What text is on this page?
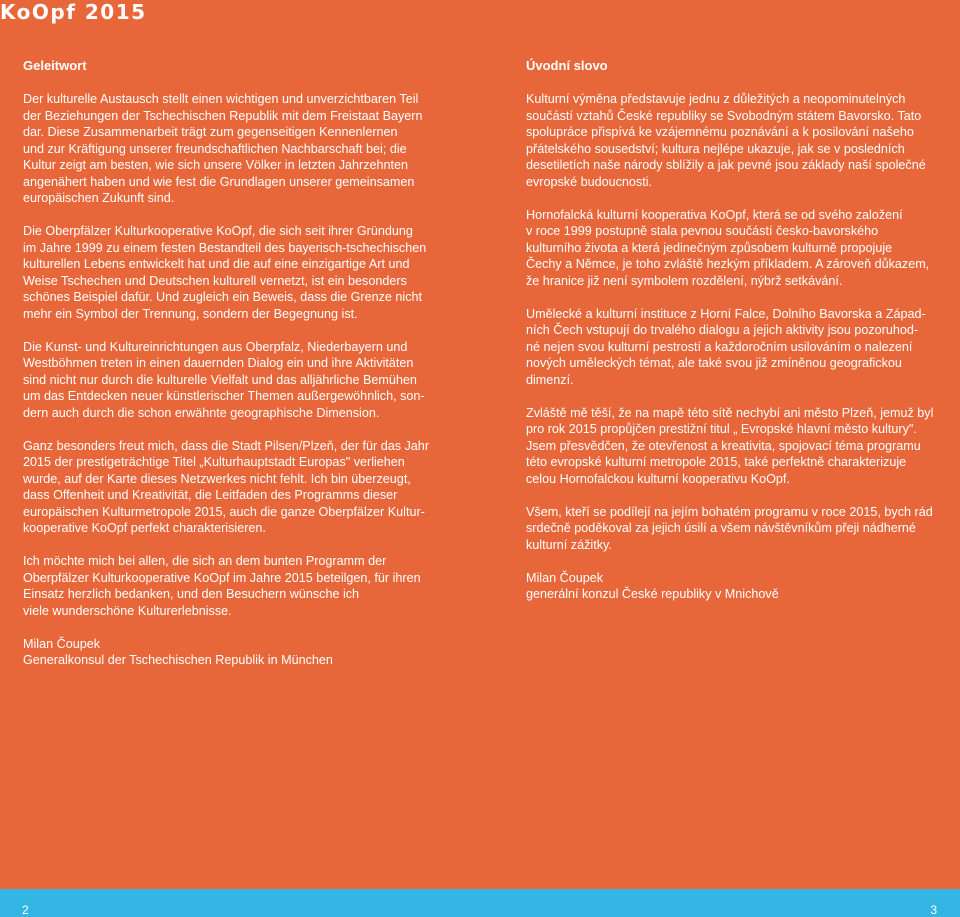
KoOpf 2015
Geleitwort

Der kulturelle Austausch stellt einen wichtigen und unverzichtbaren Teil
der Beziehungen der Tschechischen Republik mit dem Freistaat Bayern
dar. Diese Zusammenarbeit trägt zum gegenseitigen Kennenlernen
und zur Kräftigung unserer freundschaftlichen Nachbarschaft bei; die
Kultur zeigt am besten, wie sich unsere Völker in letzten Jahrzehnten
angenähert haben und wie fest die Grundlagen unserer gemeinsamen
europäischen Zukunft sind.

Die Oberpfälzer Kulturkooperative KoOpf, die sich seit ihrer Gründung
im Jahre 1999 zu einem festen Bestandteil des bayerisch-tschechischen
kulturellen Lebens entwickelt hat und die auf eine einzigartige Art und
Weise Tschechen und Deutschen kulturell vernetzt, ist ein besonders
schönes Beispiel dafür. Und zugleich ein Beweis, dass die Grenze nicht
mehr ein Symbol der Trennung, sondern der Begegnung ist.

Die Kunst- und Kultureinrichtungen aus Oberpfalz, Niederbayern und
Westböhmen treten in einen dauernden Dialog ein und ihre Aktivitäten
sind nicht nur durch die kulturelle Vielfalt und das alljährliche Bemühen
um das Entdecken neuer künstlerischer Themen außergewöhnlich, son-
dern auch durch die schon erwähnte geographische Dimension.

Ganz besonders freut mich, dass die Stadt Pilsen/Plzeň, der für das Jahr
2015 der prestigeträchtige Titel „Kulturhauptstadt Europas" verliehen
wurde, auf der Karte dieses Netzwerkes nicht fehlt. Ich bin überzeugt,
dass Offenheit und Kreativität, die Leitfaden des Programms dieser
europäischen Kulturmetropole 2015, auch die ganze Oberpfälzer Kultur-
kooperative KoOpf perfekt charakterisieren.

Ich möchte mich bei allen, die sich an dem bunten Programm der
Oberpfälzer Kulturkooperative KoOpf im Jahre 2015 beteilgen, für ihren
Einsatz herzlich bedanken, und den Besuchern wünsche ich
viele wunderschöne Kulturerlebnisse.

Milan Čoupek
Generalkonsul der Tschechischen Republik in München

Úvodní slovo

Kulturní výměna představuje jednu z důležitých a neopominutelných
součástí vztahů České republiky se Svobodným státem Bavorsko. Tato
spolupráce přispívá ke vzájemnému poznávání a k posilování našeho
přátelského sousedství; kultura nejlépe ukazuje, jak se v posledních
desetiletích naše národy sblížily a jak pevné jsou základy naší společné
evropské budoucnosti.

Hornofalcká kulturní kooperativa KoOpf, která se od svého založení
v roce 1999 postupně stala pevnou součástí česko-bavorského
kulturního života a která jedinečným způsobem kulturně propojuje
Čechy a Němce, je toho zvláště hezkým příkladem. A zároveň důkazem,
že hranice již není symbolem rozdělení, nýbrž setkávání.

Umělecké a kulturní instituce z Horní Falce, Dolního Bavorska a Západ-
ních Čech vstupují do trvalého dialogu a jejich aktivity jsou pozoruhod-
né nejen svou kulturní pestrostí a každoročním usilováním o nalezení
nových uměleckých témat, ale také svou již zmíněnou geografickou
dimenzí.

Zvláště mě těší, že na mapě této sítě nechybí ani město Plzeň, jemuž byl
pro rok 2015 propůjčen prestižní titul „ Evropské hlavní město kultury".
Jsem přesvědčen, že otevřenost a kreativita, spojovací téma programu
této evropské kulturní metropole 2015, také perfektně charakterizuje
celou Hornofalckou kulturní kooperativu KoOpf.

Všem, kteří se podílejí na jejím bohatém programu v roce 2015, bych rád
srdečně poděkoval za jejich úsilí a všem návštěvníkům přeji nádherné
kulturní zážitky.

Milan Čoupek
generální konzul České republiky v Mnichově

2	3
